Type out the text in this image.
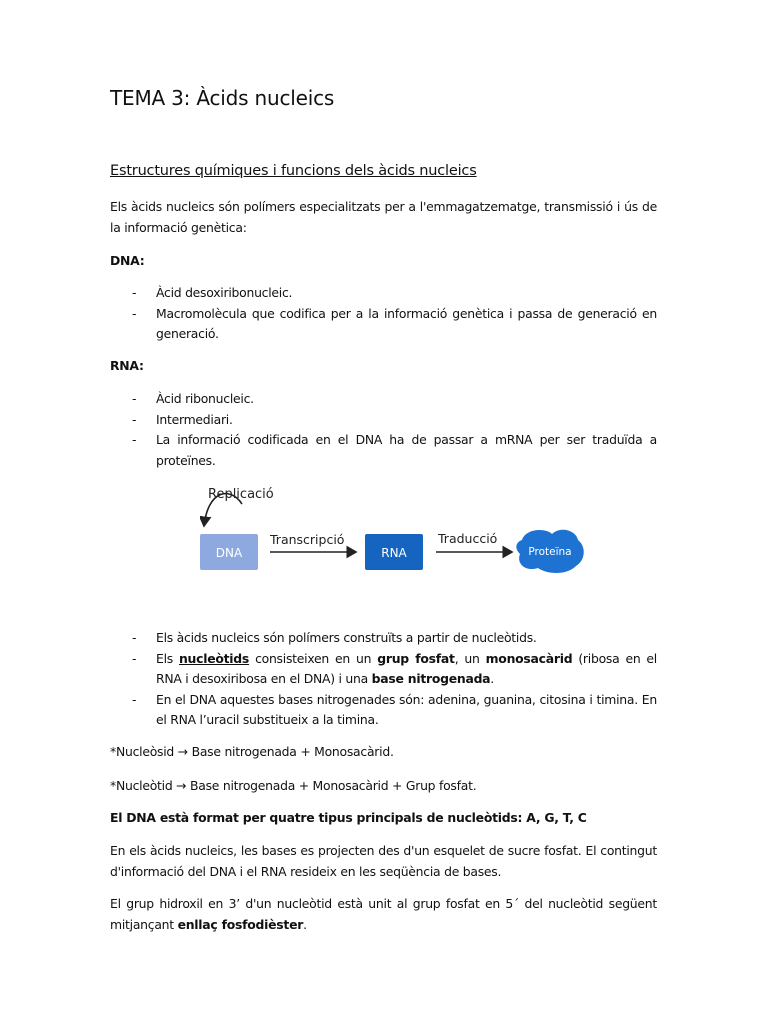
TEMA 3: Àcids nucleics
Estructures químiques i funcions dels àcids nucleics
Els àcids nucleics són polímers especialitzats per a l'emmagatzematge, transmissió i ús de la informació genètica:
DNA:
- Àcid desoxiribonucleic.
- Macromolècula que codifica per a la informació genètica i passa de generació en generació.
RNA:
- Àcid ribonucleic.
- Intermediari.
- La informació codificada en el DNA ha de passar a mRNA per ser traduïda a proteïnes.
Replicació
DNA
Transcripció
RNA
Traducció
Proteïna
- Els àcids nucleics són polímers construïts a partir de nucleòtids.
- Els nucleòtids consisteixen en un grup fosfat, un monosacàrid (ribosa en el RNA i desoxiribosa en el DNA) i una base nitrogenada.
- En el DNA aquestes bases nitrogenades són: adenina, guanina, citosina i timina. En el RNA l’uracil substitueix a la timina.
*Nucleòsid → Base nitrogenada + Monosacàrid.
*Nucleòtid → Base nitrogenada + Monosacàrid + Grup fosfat.
El DNA està format per quatre tipus principals de nucleòtids: A, G, T, C
En els àcids nucleics, les bases es projecten des d'un esquelet de sucre fosfat. El contingut d'informació del DNA i el RNA resideix en les seqüència de bases.
El grup hidroxil en 3’ d'un nucleòtid està unit al grup fosfat en 5´ del nucleòtid següent mitjançant enllaç fosfodièster.
